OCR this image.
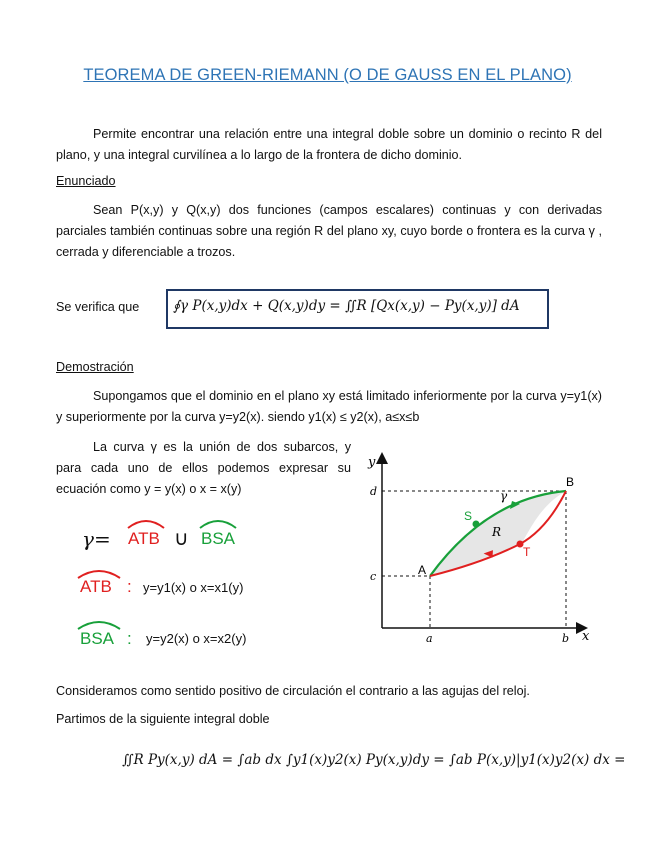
TEOREMA DE GREEN-RIEMANN (O DE GAUSS EN EL PLANO)
Permite encontrar una relación entre una integral doble sobre un dominio o recinto R del plano, y una integral curvilínea a lo largo de la frontera de dicho dominio.
Enunciado
Sean P(x,y) y Q(x,y) dos funciones (campos escalares) continuas y con derivadas parciales también continuas sobre una región R del plano xy, cuyo borde o frontera es la curva γ , cerrada y diferenciable a trozos.
Se verifica que ∮γ P(x,y)dx + Q(x,y)dy = ∬R [Qx(x,y) − Py(x,y)] dA
Demostración
Supongamos que el dominio en el plano xy está limitado inferiormente por la curva y=y1(x) y superiormente por la curva y=y2(x). siendo y1(x) ≤ y2(x), a≤x≤b
La curva γ es la unión de dos subarcos, y para cada uno de ellos podemos expresar su ecuación como y = y(x) o x = x(y)
γ= ATB ∪ BSA
ATB : y=y1(x) o x=x1(y)
BSA : y=y2(x) o x=x2(y)
y
x
d
c
a	b
A
B
S
T
R
γ
Consideramos como sentido positivo de circulación el contrario a las agujas del reloj.
Partimos de la siguiente integral doble
∬R Py(x,y) dA = ∫ab dx ∫y1(x)y2(x) Py(x,y)dy = ∫ab P(x,y)|y1(x)y2(x) dx =
